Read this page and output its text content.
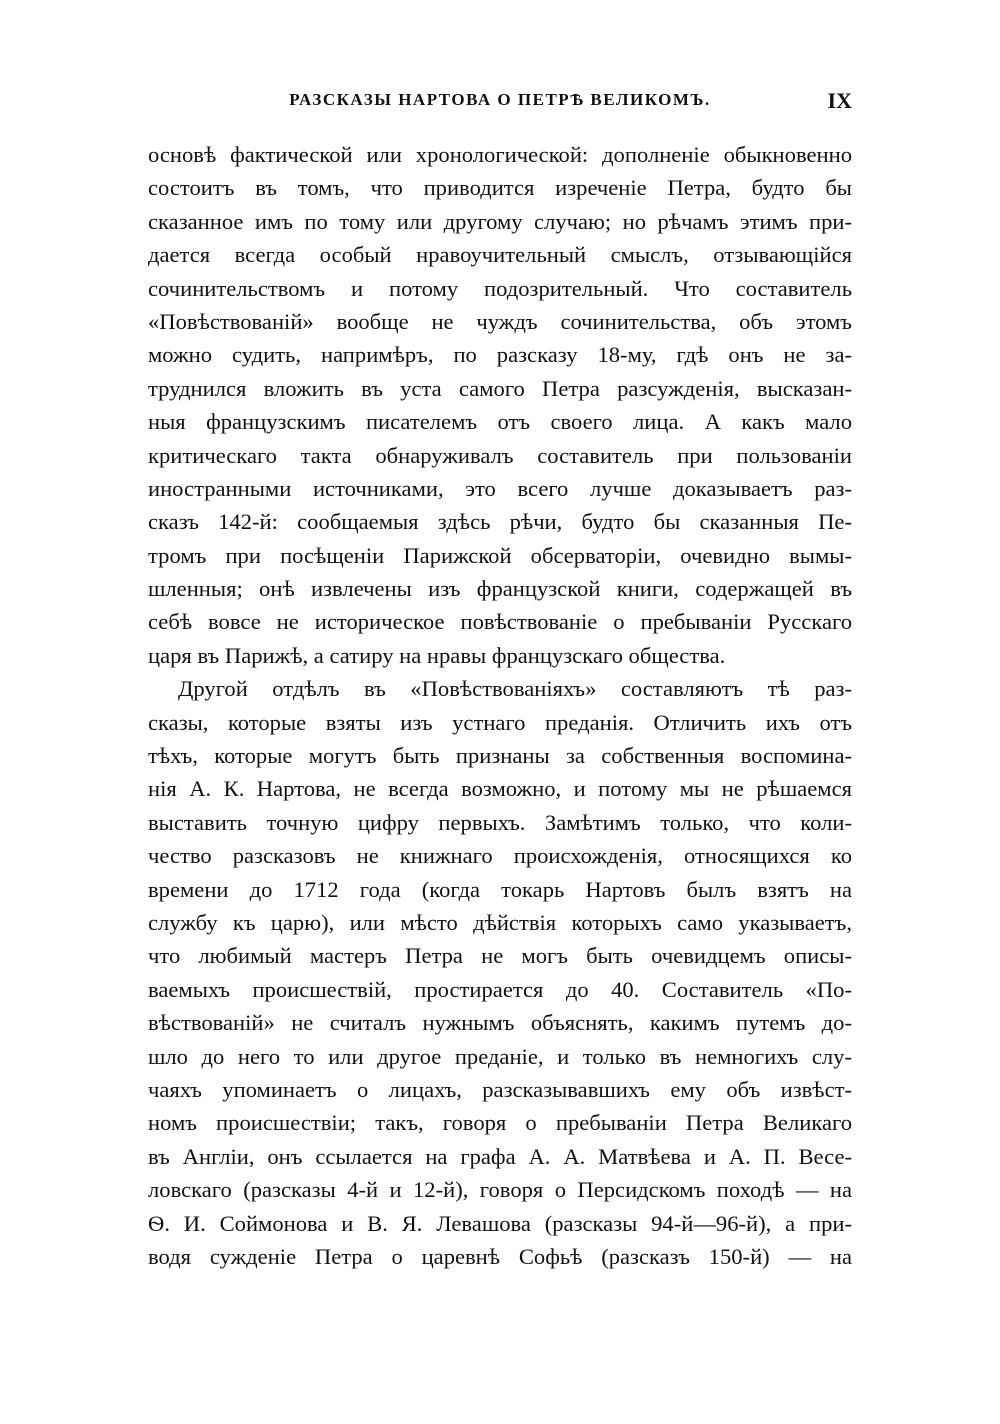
РАЗСКАЗЫ НАРТОВА О ПЕТРѢ ВЕЛИКОМЪ.	IX
основѣ фактической или хронологической: дополненіе обыкновенно
состоитъ въ томъ, что приводится изреченіе Петра, будто бы
сказанное имъ по тому или другому случаю; но рѣчамъ этимъ при-
дается всегда особый нравоучительный смыслъ, отзывающійся
сочинительствомъ и потому подозрительный. Что составитель
«Повѣствованій» вообще не чуждъ сочинительства, объ этомъ
можно судить, напримѣръ, по разсказу 18-му, гдѣ онъ не за-
труднился вложить въ уста самого Петра разсужденія, высказан-
ныя французскимъ писателемъ отъ своего лица. А какъ мало
критическаго такта обнаруживалъ составитель при пользованіи
иностранными источниками, это всего лучше доказываетъ раз-
сказъ 142-й: сообщаемыя здѣсь рѣчи, будто бы сказанныя Пе-
тромъ при посѣщеніи Парижской обсерваторіи, очевидно вымы-
шленныя; онѣ извлечены изъ французской книги, содержащей въ
себѣ вовсе не историческое повѣствованіе о пребываніи Русскаго
царя въ Парижѣ, а сатиру на нравы французскаго общества.
Другой отдѣлъ въ «Повѣствованіяхъ» составляютъ тѣ раз-
сказы, которые взяты изъ устнаго преданія. Отличить ихъ отъ
тѣхъ, которые могутъ быть признаны за собственныя воспомина-
нія А. К. Нартова, не всегда возможно, и потому мы не рѣшаемся
выставить точную цифру первыхъ. Замѣтимъ только, что коли-
чество разсказовъ не книжнаго происхожденія, относящихся ко
времени до 1712 года (когда токарь Нартовъ былъ взятъ на
службу къ царю), или мѣсто дѣйствія которыхъ само указываетъ,
что любимый мастеръ Петра не могъ быть очевидцемъ описы-
ваемыхъ происшествій, простирается до 40. Составитель «По-
вѣствованій» не считалъ нужнымъ объяснять, какимъ путемъ до-
шло до него то или другое преданіе, и только въ немногихъ слу-
чаяхъ упоминаетъ о лицахъ, разсказывавшихъ ему объ извѣст-
номъ происшествіи; такъ, говоря о пребываніи Петра Великаго
въ Англіи, онъ ссылается на графа А. А. Матвѣева и А. П. Весе-
ловскаго (разсказы 4-й и 12-й), говоря о Персидскомъ походѣ — на
Ѳ. И. Соймонова и В. Я. Левашова (разсказы 94-й—96-й), а при-
водя сужденіе Петра о царевнѣ Софьѣ (разсказъ 150-й) — на
